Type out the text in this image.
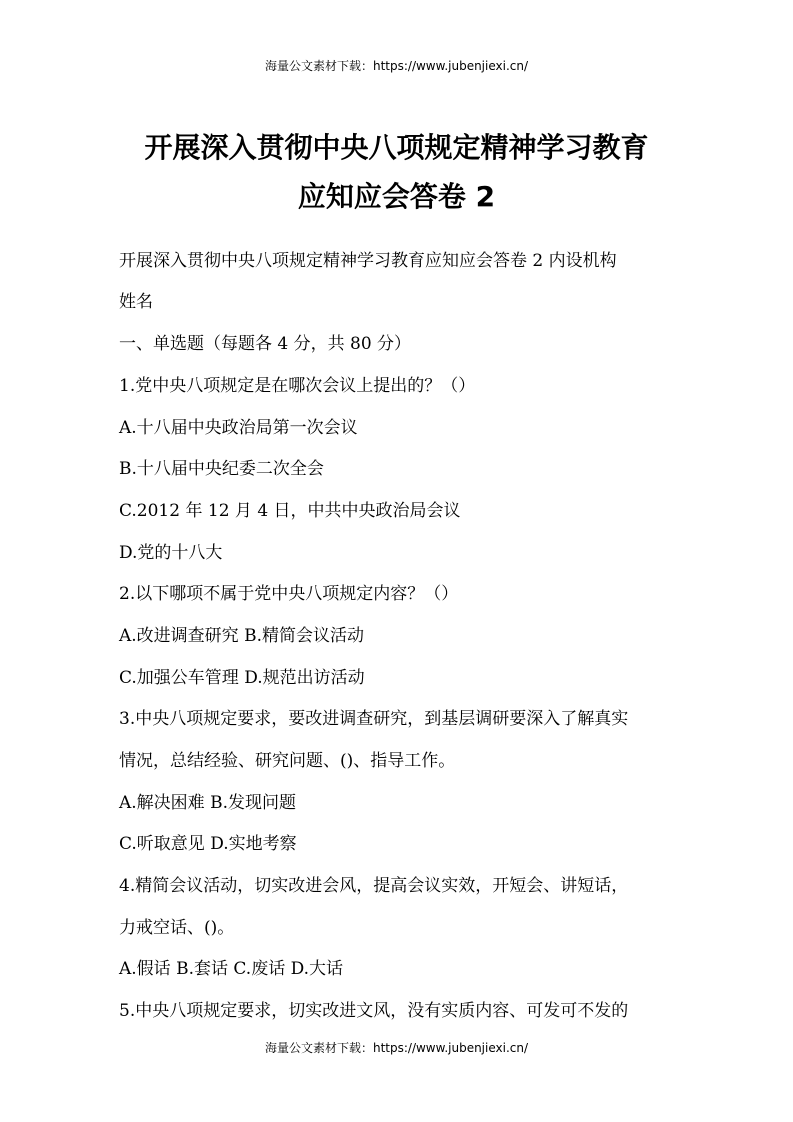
海量公文素材下载：https://www.jubenjiexi.cn/
开展深入贯彻中央八项规定精神学习教育
应知应会答卷 2
开展深入贯彻中央八项规定精神学习教育应知应会答卷 2 内设机构
姓名
一、单选题（每题各 4 分，共 80 分）
1.党中央八项规定是在哪次会议上提出的？（）
A.十八届中央政治局第一次会议
B.十八届中央纪委二次全会
C.2012 年 12 月 4 日，中共中央政治局会议
D.党的十八大
2.以下哪项不属于党中央八项规定内容？（）
A.改进调查研究 B.精简会议活动
C.加强公车管理 D.规范出访活动
3.中央八项规定要求，要改进调查研究，到基层调研要深入了解真实
情况，总结经验、研究问题、()、指导工作。
A.解决困难 B.发现问题
C.听取意见 D.实地考察
4.精简会议活动，切实改进会风，提高会议实效，开短会、讲短话，
力戒空话、()。
A.假话 B.套话 C.废话 D.大话
5.中央八项规定要求，切实改进文风，没有实质内容、可发可不发的
海量公文素材下载：https://www.jubenjiexi.cn/
